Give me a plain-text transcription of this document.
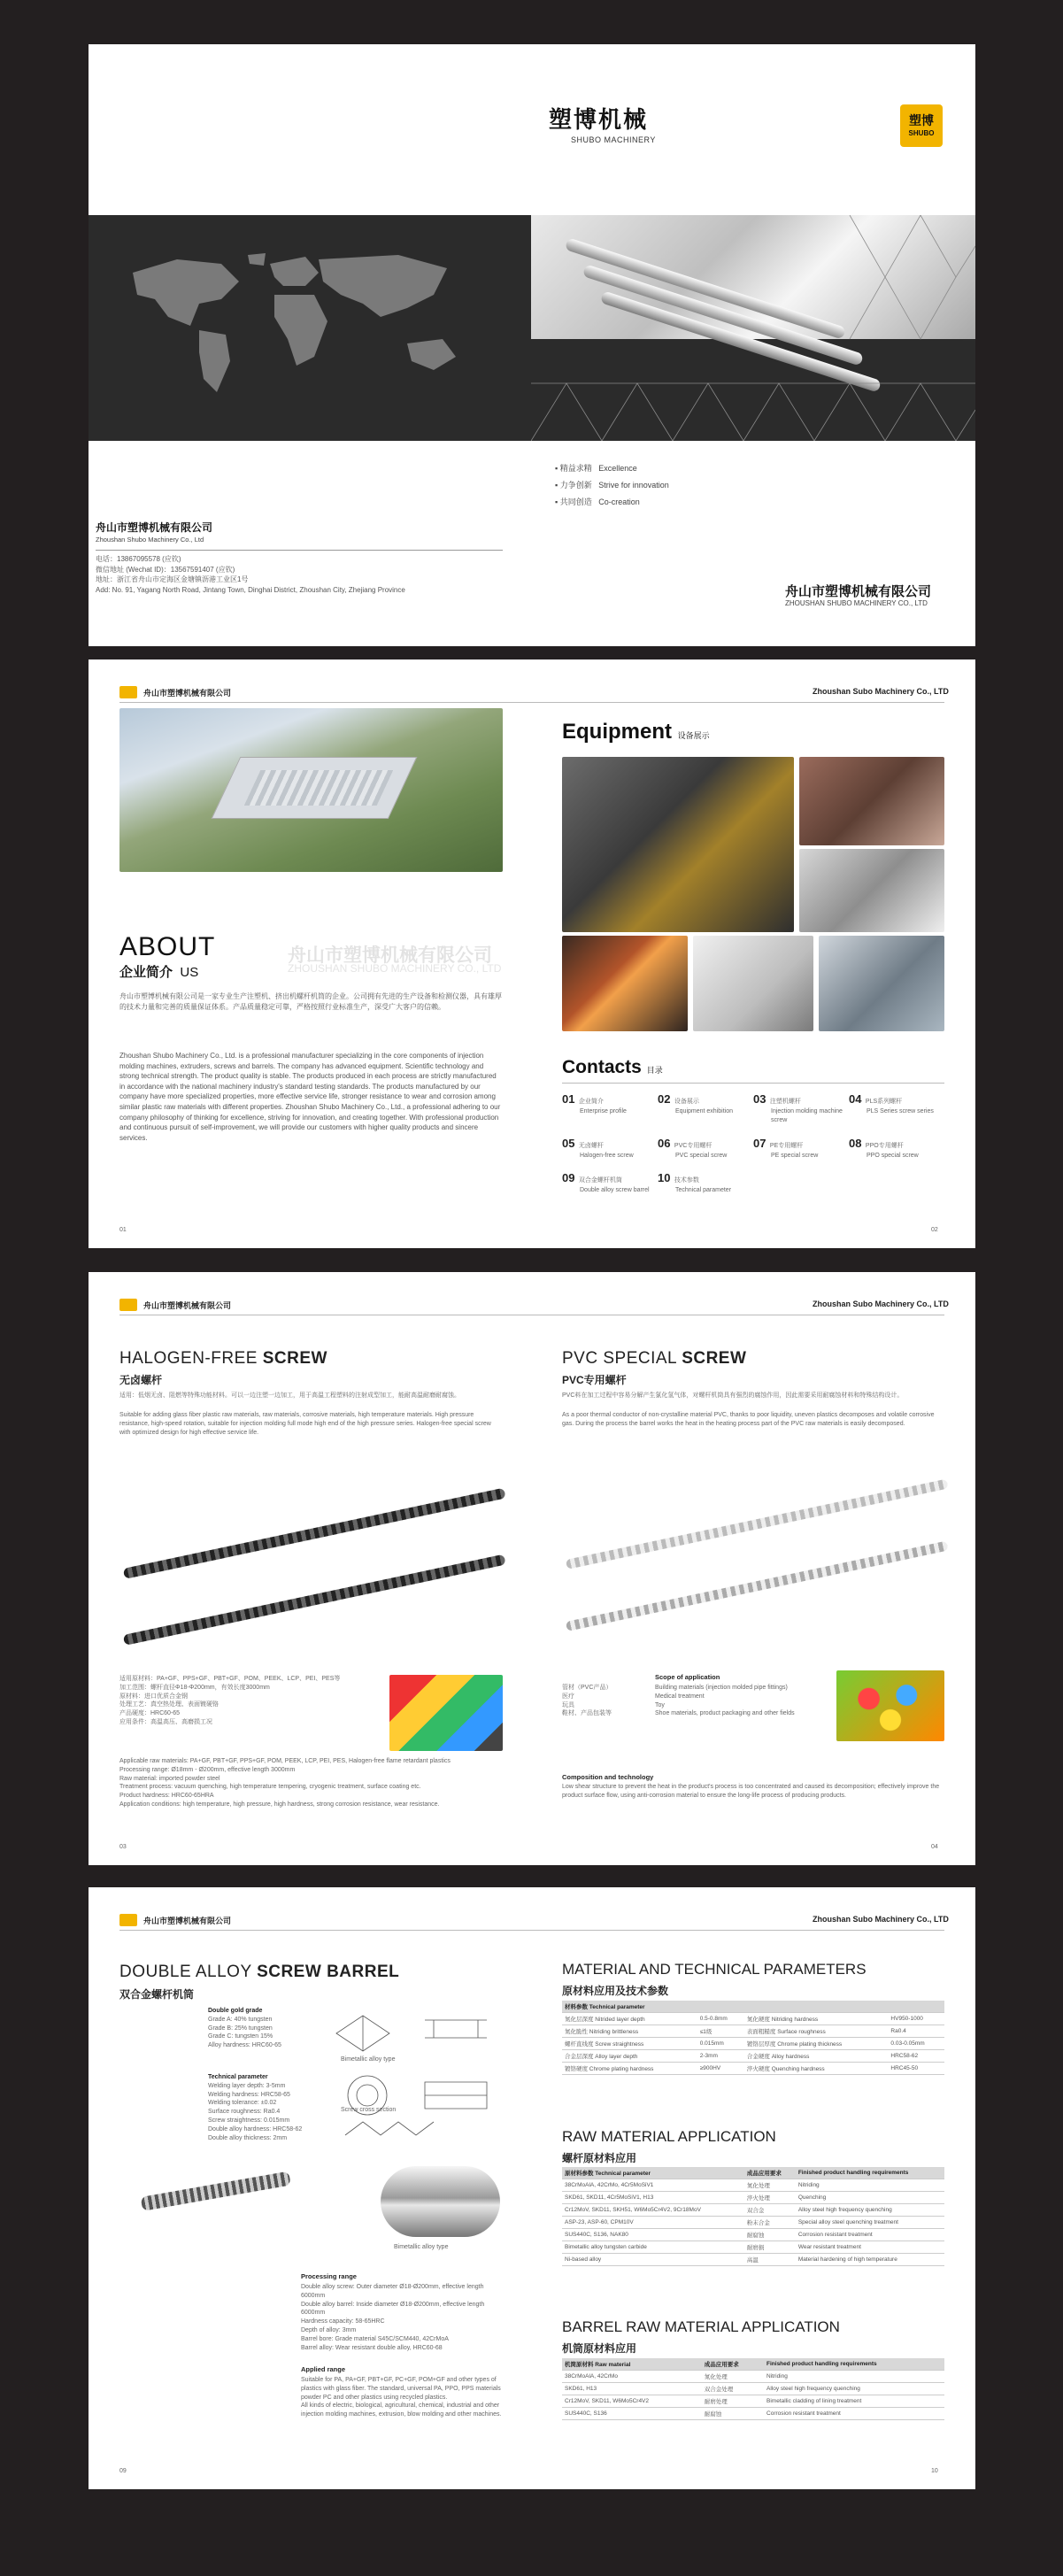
塑博机械
SHUBO MACHINERY
塑博
SHUBO
▪ 精益求精 Excellence
▪ 力争创新 Strive for innovation
▪ 共同创造 Co-creation
舟山市塑博机械有限公司
Zhoushan Shubo Machinery Co., Ltd
电话：13867095578 (应钦)
微信地址 (Wechat ID)：13567591407 (应钦)
地址：浙江省舟山市定海区金塘镇沥港工业区1号
Add: No. 91, Yagang North Road, Jintang Town, Dinghai District, Zhoushan City, Zhejiang Province	舟山市塑博机械有限公司
ZHOUSHAN SHUBO MACHINERY CO., LTD
舟山市塑博机械有限公司	Zhoushan Subo Machinery Co., LTD
ABOUT
企业简介 US
舟山市塑博机械有限公司
ZHOUSHAN SHUBO MACHINERY CO., LTD
舟山市塑博机械有限公司是一家专业生产注塑机、挤出机螺杆机筒的企业。公司拥有先进的生产设备和检测仪器，具有雄厚的技术力量和完善的质量保证体系。产品质量稳定可靠，严格按照行业标准生产，深受广大客户的信赖。
Zhoushan Shubo Machinery Co., Ltd. is a professional manufacturer specializing in the core components of injection molding machines, extruders, screws and barrels. The company has advanced equipment. Scientific technology and strong technical strength. The product quality is stable. The products produced in each process are strictly manufactured in accordance with the national machinery industry's standard testing standards. The products manufactured by our company have more specialized properties, more effective service life, stronger resistance to wear and corrosion among similar plastic raw materials with different properties. Zhoushan Shubo Machinery Co., Ltd., a professional adhering to our company philosophy of thinking for excellence, striving for innovation, and creating together. With professional production and continuous pursuit of self-improvement, we will provide our customers with higher quality products and sincere services.
01
Equipment 设备展示
Contacts 目录
01 企业简介
Enterprise profile
02 设备展示
Equipment exhibition
03 注塑机螺杆
Injection molding machine screw
04 PLS系列螺杆
PLS Series screw series
05 无卤螺杆
Halogen-free screw
06 PVC专用螺杆
PVC special screw
07 PE专用螺杆
PE special screw
08 PPO专用螺杆
PPO special screw
09 双合金螺杆机筒
Double alloy screw barrel
10 技术参数
Technical parameter
02
舟山市塑博机械有限公司	Zhoushan Subo Machinery Co., LTD
HALOGEN-FREE SCREW
无卤螺杆
适用：低烟无卤、阻燃等特殊功能材料。可以一边注塑一边加工，用于高温工程塑料的注射成型加工，能耐高温耐磨耐腐蚀。
Suitable for adding glass fiber plastic raw materials, raw materials, corrosive materials, high temperature materials. High pressure resistance, high-speed rotation, suitable for injection molding full mode high end of the high pressure series. Halogen-free special screw with optimized design for high effective service life.
适用原材料：PA+GF、PPS+GF、PBT+GF、POM、PEEK、LCP、PEI、PES等
加工范围：螺杆直径Φ18-Φ200mm，有效长度3000mm
原材料：进口优质合金钢
处理工艺：真空热处理、表面镀硬铬
产品硬度：HRC60-65
应用条件：高温高压、高磨损工况
Applicable raw materials: PA+GF, PBT+GF, PPS+GF, POM, PEEK, LCP, PEI, PES, Halogen-free flame retardant plastics
Processing range: Ø18mm - Ø200mm, effective length 3000mm
Raw material: imported powder steel
Treatment process: vacuum quenching, high temperature tempering, cryogenic treatment, surface coating etc.
Product hardness: HRC60-65HRA
Application conditions: high temperature, high pressure, high hardness, strong corrosion resistance, wear resistance.
03
PVC SPECIAL SCREW
PVC专用螺杆
PVC料在加工过程中容易分解产生氯化氢气体，对螺杆机筒具有强烈的腐蚀作用，因此需要采用耐腐蚀材料和特殊结构设计。
As a poor thermal conductor of non-crystalline material PVC, thanks to poor liquidity, uneven plastics decomposes and volatile corrosive gas. During the process the barrel works the heat in the heating process part of the PVC raw materials is easily decomposed.
Scope of application
管材（PVC产品）	Building materials (injection molded pipe fittings)
医疗	Medical treatment
玩具	Toy
鞋材、产品包装等	Shoe materials, product packaging and other fields
Composition and technology
Low shear structure to prevent the heat in the product's process is too concentrated and caused its decomposition; effectively improve the product surface flow, using anti-corrosion material to ensure the long-life process of producing products.
04
舟山市塑博机械有限公司	Zhoushan Subo Machinery Co., LTD
DOUBLE ALLOY SCREW BARREL
双合金螺杆机筒
Double gold grade
Grade A: 40% tungsten
Grade B: 25% tungsten
Grade C: tungsten 15%
Alloy hardness: HRC60-65
Technical parameter
Welding layer depth: 3-5mm
Welding hardness: HRC58-65
Welding tolerance: ±0.02
Surface roughness: Ra0.4
Screw straightness: 0.015mm
Double alloy hardness: HRC58-62
Double alloy thickness: 2mm
Bimetallic alloy type
Screw cross section
Bimetallic alloy type
Processing range
Double alloy screw: Outer diameter Ø18-Ø200mm, effective length 6000mm
Double alloy barrel: Inside diameter Ø18-Ø200mm, effective length 6000mm
Hardness capacity: 58-65HRC
Depth of alloy: 3mm
Barrel bore: Grade material S45C/SCM440, 42CrMoA
Barrel alloy: Wear resistant double alloy, HRC60-68
Applied range
Suitable for PA, PA+GF, PBT+GF, PC+GF, POM+GF and other types of plastics with glass fiber. The standard, universal PA, PPO, PPS materials powder PC and other plastics using recycled plastics.
All kinds of electric, biological, agricultural, chemical, industrial and other injection molding machines, extrusion, blow molding and other machines.
09
MATERIAL AND TECHNICAL PARAMETERS
原材料应用及技术参数
材料参数 Technical parameter			
氮化层深度 Nitrided layer depth	0.5-0.8mm	氮化硬度 Nitriding hardness	HV950-1000
氮化脆性 Nitriding brittleness	≤1级	表面粗糙度 Surface roughness	Ra0.4
螺杆直线度 Screw straightness	0.015mm	镀铬层厚度 Chrome plating thickness	0.03-0.05mm
合金层深度 Alloy layer depth	2-3mm	合金硬度 Alloy hardness	HRC58-62
镀铬硬度 Chrome plating hardness	≥900HV	淬火硬度 Quenching hardness	HRC45-50
RAW MATERIAL APPLICATION
螺杆原材料应用
原材料参数 Technical parameter	成品应用要求	Finished product handling requirements
38CrMoAlA, 42CrMo, 4Cr5MoSiV1	氮化处理	Nitriding
SKD61, SKD11, 4Cr5MoSiV1, H13	淬火处理	Quenching
Cr12MoV, SKD11, SKH51, W6Mo5Cr4V2, 9Cr18MoV	双合金	Alloy steel high frequency quenching
ASP-23, ASP-60, CPM10V	粉末合金	Special alloy steel quenching treatment
SUS440C, S136, NAK80	耐腐蚀	Corrosion resistant treatment
Bimetallic alloy tungsten carbide	耐磨损	Wear resistant treatment
Ni-based alloy	高温	Material hardening of high temperature
BARREL RAW MATERIAL APPLICATION
机筒原材料应用
机筒原材料 Raw material	成品应用要求	Finished product handling requirements
38CrMoAlA, 42CrMo	氮化处理	Nitriding
SKD61, H13	双合金处理	Alloy steel high frequency quenching
Cr12MoV, SKD11, W6Mo5Cr4V2	耐磨处理	Bimetallic cladding of lining treatment
SUS440C, S136	耐腐蚀	Corrosion resistant treatment
10
